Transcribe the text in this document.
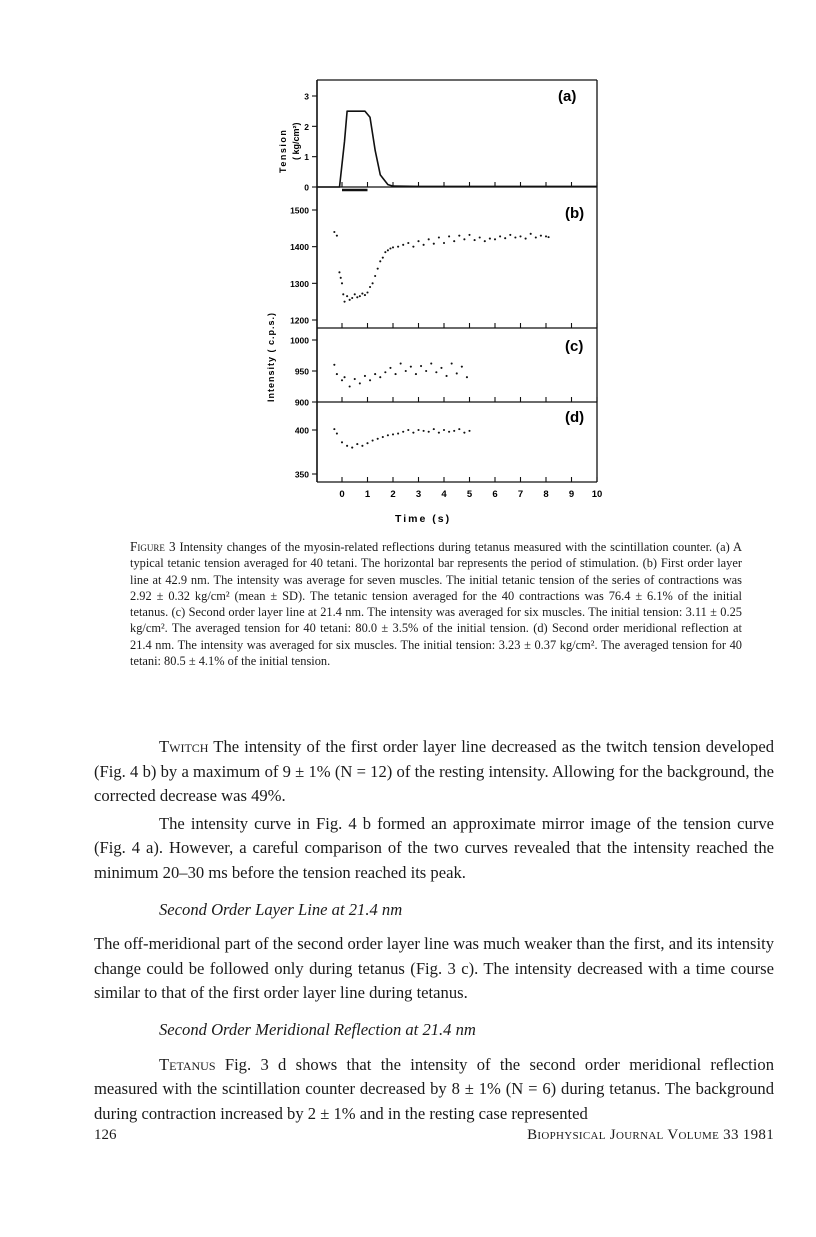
(a)
(b)
(c)
(d)
Tension ( kg/cm²)
Intensity ( c.p.s.)
Time (s)
0 1 2 3 4 5 6 7 8 9 10
0
1
2
3
1200
1300
1400
1500
900
950
1000
350
400
Figure 3 Intensity changes of the myosin-related reflections during tetanus measured with the scintillation counter. (a) A typical tetanic tension averaged for 40 tetani. The horizontal bar represents the period of stimulation. (b) First order layer line at 42.9 nm. The intensity was average for seven muscles. The initial tetanic tension of the series of contractions was 2.92 ± 0.32 kg/cm² (mean ± SD). The tetanic tension averaged for the 40 contractions was 76.4 ± 6.1% of the initial tetanus. (c) Second order layer line at 21.4 nm. The intensity was averaged for six muscles. The initial tension: 3.11 ± 0.25 kg/cm². The averaged tension for 40 tetani: 80.0 ± 3.5% of the initial tension. (d) Second order meridional reflection at 21.4 nm. The intensity was averaged for six muscles. The initial tension: 3.23 ± 0.37 kg/cm². The averaged tension for 40 tetani: 80.5 ± 4.1% of the initial tension.

Twitch The intensity of the first order layer line decreased as the twitch tension developed (Fig. 4 b) by a maximum of 9 ± 1% (N = 12) of the resting intensity. Allowing for the background, the corrected decrease was 49%.

The intensity curve in Fig. 4 b formed an approximate mirror image of the tension curve (Fig. 4 a). However, a careful comparison of the two curves revealed that the intensity reached the minimum 20–30 ms before the tension reached its peak.

Second Order Layer Line at 21.4 nm

The off-meridional part of the second order layer line was much weaker than the first, and its intensity change could be followed only during tetanus (Fig. 3 c). The intensity decreased with a time course similar to that of the first order layer line during tetanus.

Second Order Meridional Reflection at 21.4 nm

Tetanus Fig. 3 d shows that the intensity of the second order meridional reflection measured with the scintillation counter decreased by 8 ± 1% (N = 6) during tetanus. The background during contraction increased by 2 ± 1% and in the resting case represented

126	Biophysical Journal Volume 33 1981
